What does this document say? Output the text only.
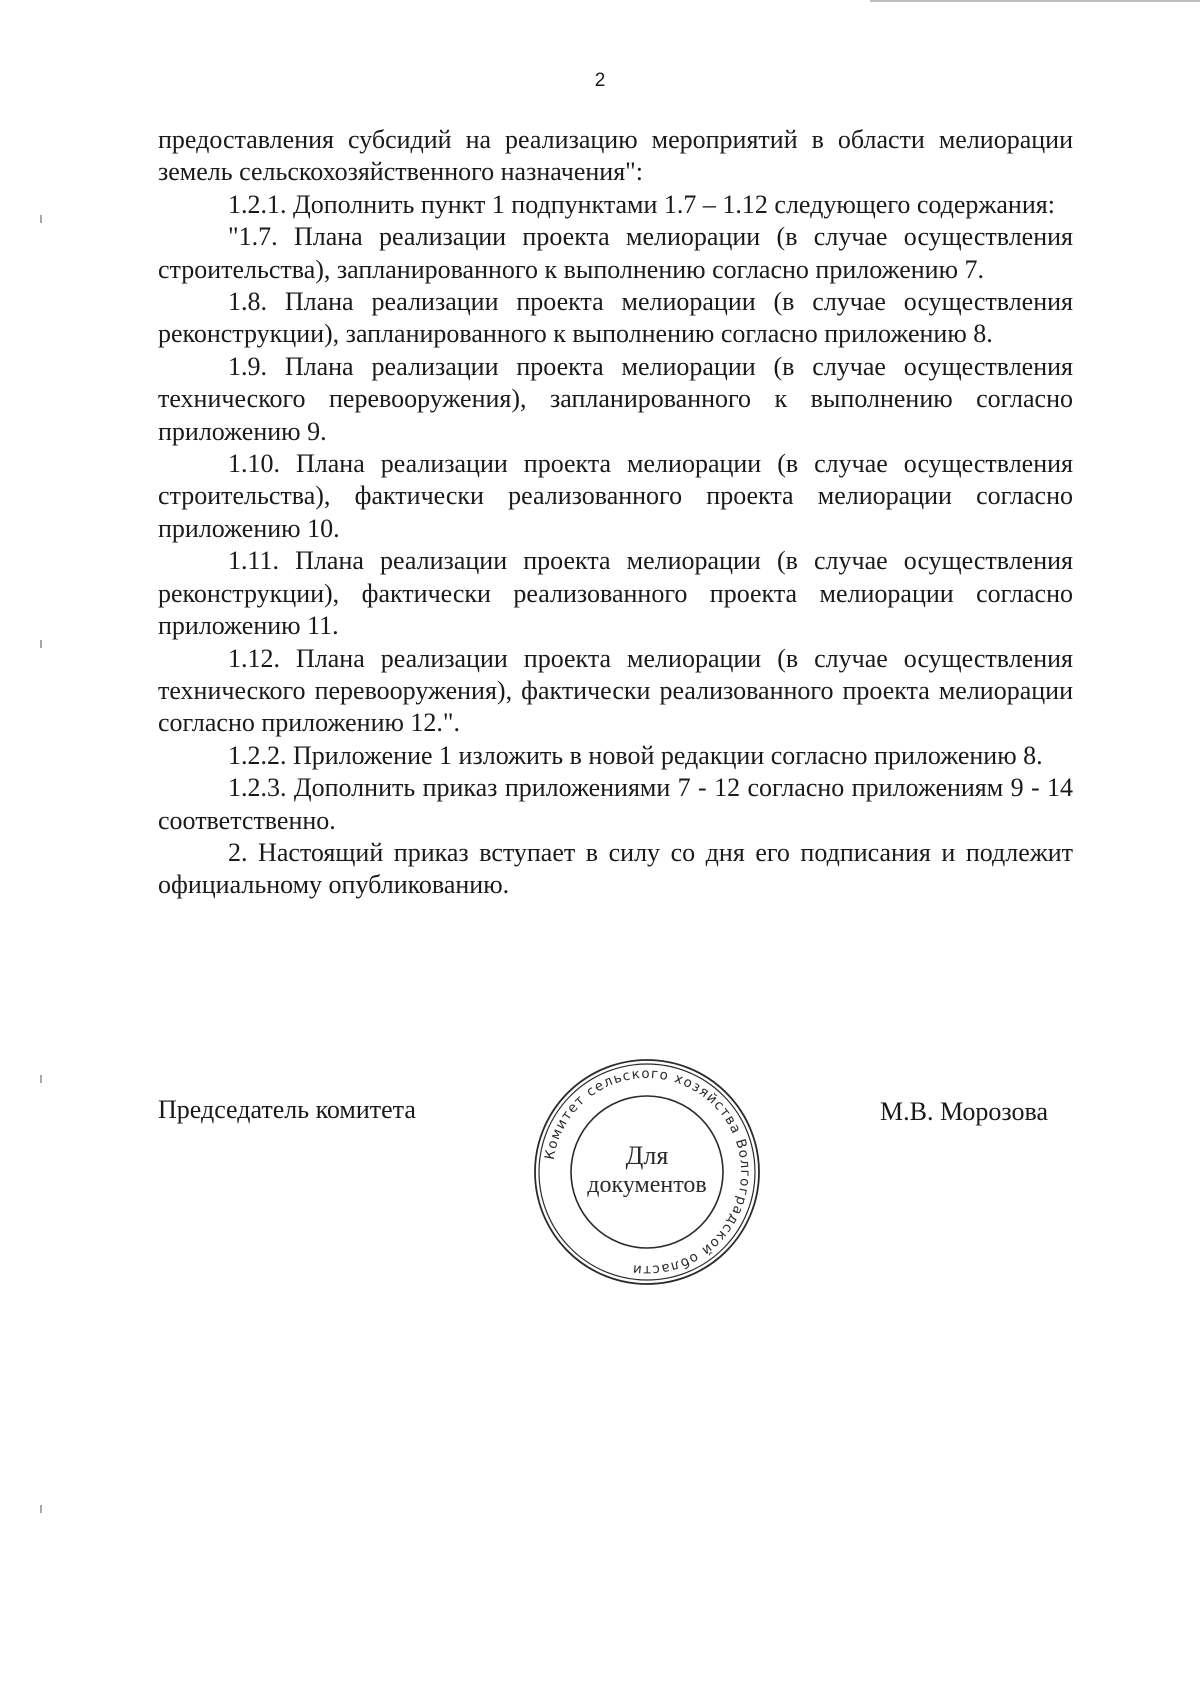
2

предоставления субсидий на реализацию мероприятий в области мелиорации земель сельскохозяйственного назначения":

1.2.1. Дополнить пункт 1 подпунктами 1.7 – 1.12 следующего содержания:

"1.7. Плана реализации проекта мелиорации (в случае осуществления строительства), запланированного к выполнению согласно приложению 7.

1.8. Плана реализации проекта мелиорации (в случае осуществления реконструкции), запланированного к выполнению согласно приложению 8.

1.9. Плана реализации проекта мелиорации (в случае осуществления технического перевооружения), запланированного к выполнению согласно приложению 9.

1.10. Плана реализации проекта мелиорации (в случае осуществления строительства), фактически реализованного проекта мелиорации согласно приложению 10.

1.11. Плана реализации проекта мелиорации (в случае осуществления реконструкции), фактически реализованного проекта мелиорации согласно приложению 11.

1.12. Плана реализации проекта мелиорации (в случае осуществления технического перевооружения), фактически реализованного проекта мелиорации согласно приложению 12.".

1.2.2. Приложение 1 изложить в новой редакции согласно приложению 8.

1.2.3. Дополнить приказ приложениями 7 - 12 согласно приложениям 9 - 14 соответственно.

2. Настоящий приказ вступает в силу со дня его подписания и подлежит официальному опубликованию.

Председатель комитета
Комитет сельского хозяйства Волгоградской области
Для
документов
М.В. Морозова
